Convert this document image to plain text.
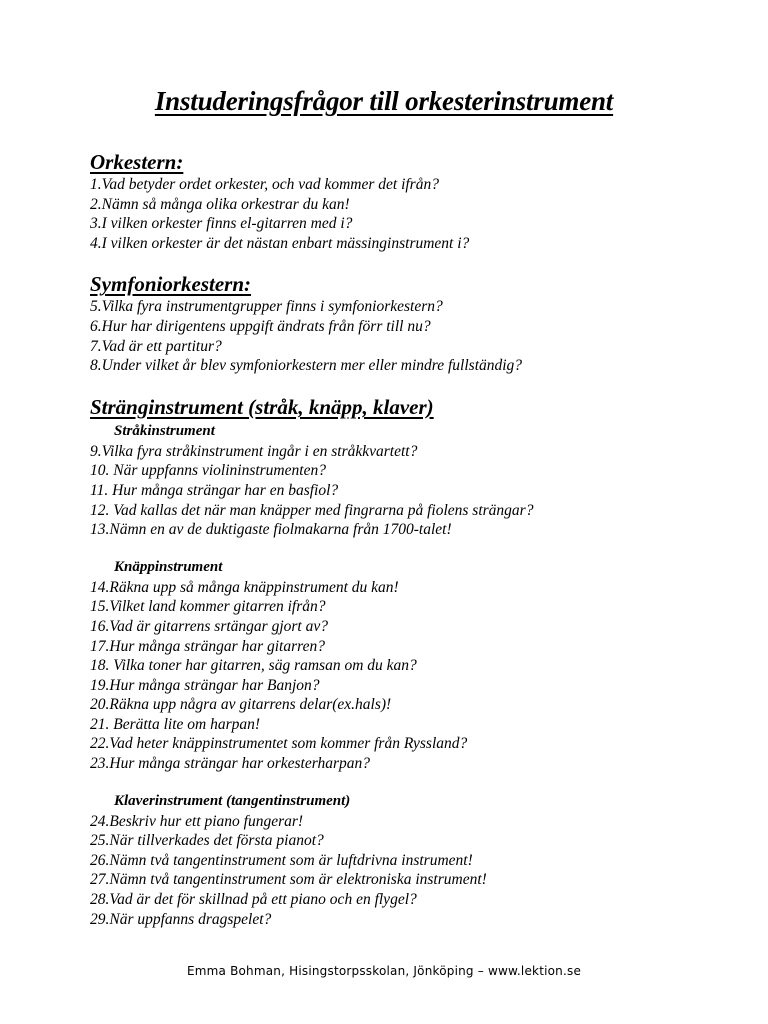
Instuderingsfrågor till orkesterinstrument
Orkestern:
1.Vad betyder ordet orkester, och vad kommer det ifrån?
2.Nämn så många olika orkestrar du kan!
3.I vilken orkester finns el-gitarren med i?
4.I vilken orkester är det nästan enbart mässinginstrument i?
Symfoniorkestern:
5.Vilka fyra instrumentgrupper finns i symfoniorkestern?
6.Hur har dirigentens uppgift ändrats från förr till nu?
7.Vad är ett partitur?
8.Under vilket år blev symfoniorkestern mer eller mindre fullständig?
Stränginstrument (stråk, knäpp, klaver)
Stråkinstrument
9.Vilka fyra stråkinstrument ingår i en stråkkvartett?
10. När uppfanns violininstrumenten?
11. Hur många strängar har en basfiol?
12. Vad kallas det när man knäpper med fingrarna på fiolens strängar?
13.Nämn en av de duktigaste fiolmakarna från 1700-talet!
Knäppinstrument
14.Räkna upp så många knäppinstrument du kan!
15.Vilket land kommer gitarren ifrån?
16.Vad är gitarrens srtängar gjort av?
17.Hur många strängar har gitarren?
18. Vilka toner har gitarren, säg ramsan om du kan?
19.Hur många strängar har Banjon?
20.Räkna upp några av gitarrens delar(ex.hals)!
21. Berätta lite om harpan!
22.Vad heter knäppinstrumentet som kommer från Ryssland?
23.Hur många strängar har orkesterharpan?
Klaverinstrument (tangentinstrument)
24.Beskriv hur ett piano fungerar!
25.När tillverkades det första pianot?
26.Nämn två tangentinstrument som är luftdrivna instrument!
27.Nämn två tangentinstrument som är elektroniska instrument!
28.Vad är det för skillnad på ett piano och en flygel?
29.När uppfanns dragspelet?
Emma Bohman, Hisingstorpsskolan, Jönköping – www.lektion.se
